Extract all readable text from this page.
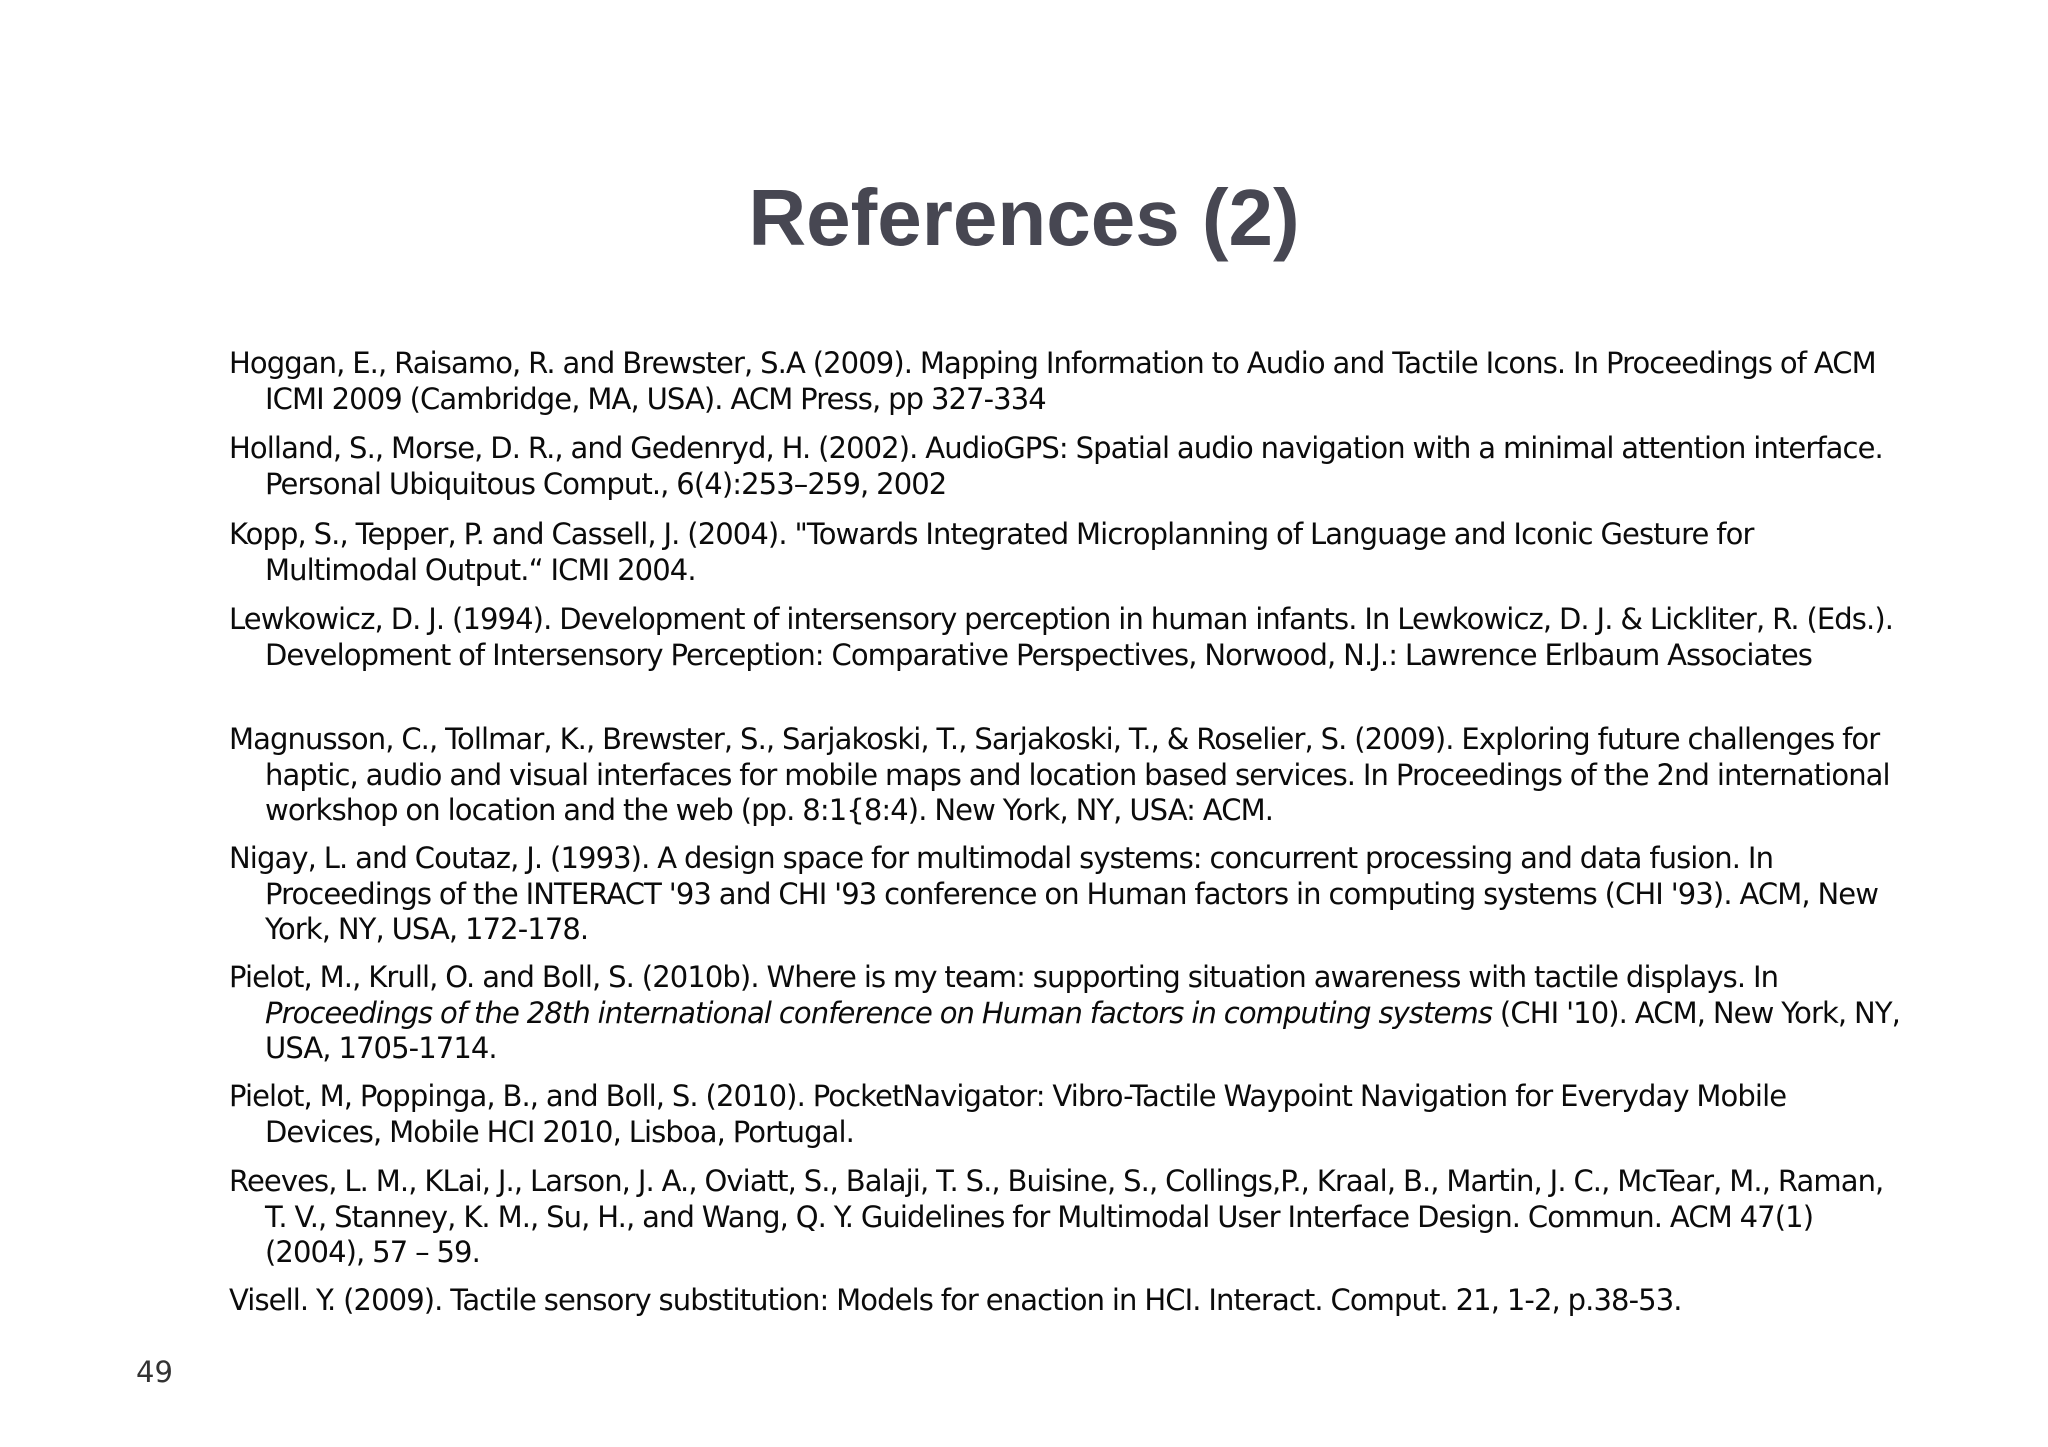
References (2)
Hoggan, E., Raisamo, R. and Brewster, S.A (2009). Mapping Information to Audio and Tactile Icons. In Proceedings of ACM ICMI 2009 (Cambridge, MA, USA). ACM Press, pp 327-334
Holland, S., Morse, D. R., and Gedenryd, H. (2002). AudioGPS: Spatial audio navigation with a minimal attention interface. Personal Ubiquitous Comput., 6(4):253–259, 2002
Kopp, S., Tepper, P. and Cassell, J. (2004). "Towards Integrated Microplanning of Language and Iconic Gesture for Multimodal Output.“ ICMI 2004.
Lewkowicz, D. J. (1994). Development of intersensory perception in human infants. In Lewkowicz, D. J. & Lickliter, R. (Eds.). Development of Intersensory Perception: Comparative Perspectives, Norwood, N.J.: Lawrence Erlbaum Associates
Magnusson, C., Tollmar, K., Brewster, S., Sarjakoski, T., Sarjakoski, T., & Roselier, S. (2009). Exploring future challenges for haptic, audio and visual interfaces for mobile maps and location based services. In Proceedings of the 2nd international workshop on location and the web (pp. 8:1{8:4). New York, NY, USA: ACM.
Nigay, L. and Coutaz, J. (1993). A design space for multimodal systems: concurrent processing and data fusion. In Proceedings of the INTERACT '93 and CHI '93 conference on Human factors in computing systems (CHI '93). ACM, New York, NY, USA, 172-178.
Pielot, M., Krull, O. and Boll, S. (2010b). Where is my team: supporting situation awareness with tactile displays. In Proceedings of the 28th international conference on Human factors in computing systems (CHI '10). ACM, New York, NY, USA, 1705-1714.
Pielot, M, Poppinga, B., and Boll, S. (2010). PocketNavigator: Vibro-Tactile Waypoint Navigation for Everyday Mobile Devices, Mobile HCI 2010, Lisboa, Portugal.
Reeves, L. M., KLai, J., Larson, J. A., Oviatt, S., Balaji, T. S., Buisine, S., Collings,P., Kraal, B., Martin, J. C., McTear, M., Raman, T. V., Stanney, K. M., Su, H., and Wang, Q. Y. Guidelines for Multimodal User Interface Design. Commun. ACM 47(1)(2004), 57 – 59.
Visell. Y. (2009). Tactile sensory substitution: Models for enaction in HCI. Interact. Comput. 21, 1-2, p.38-53.
49
